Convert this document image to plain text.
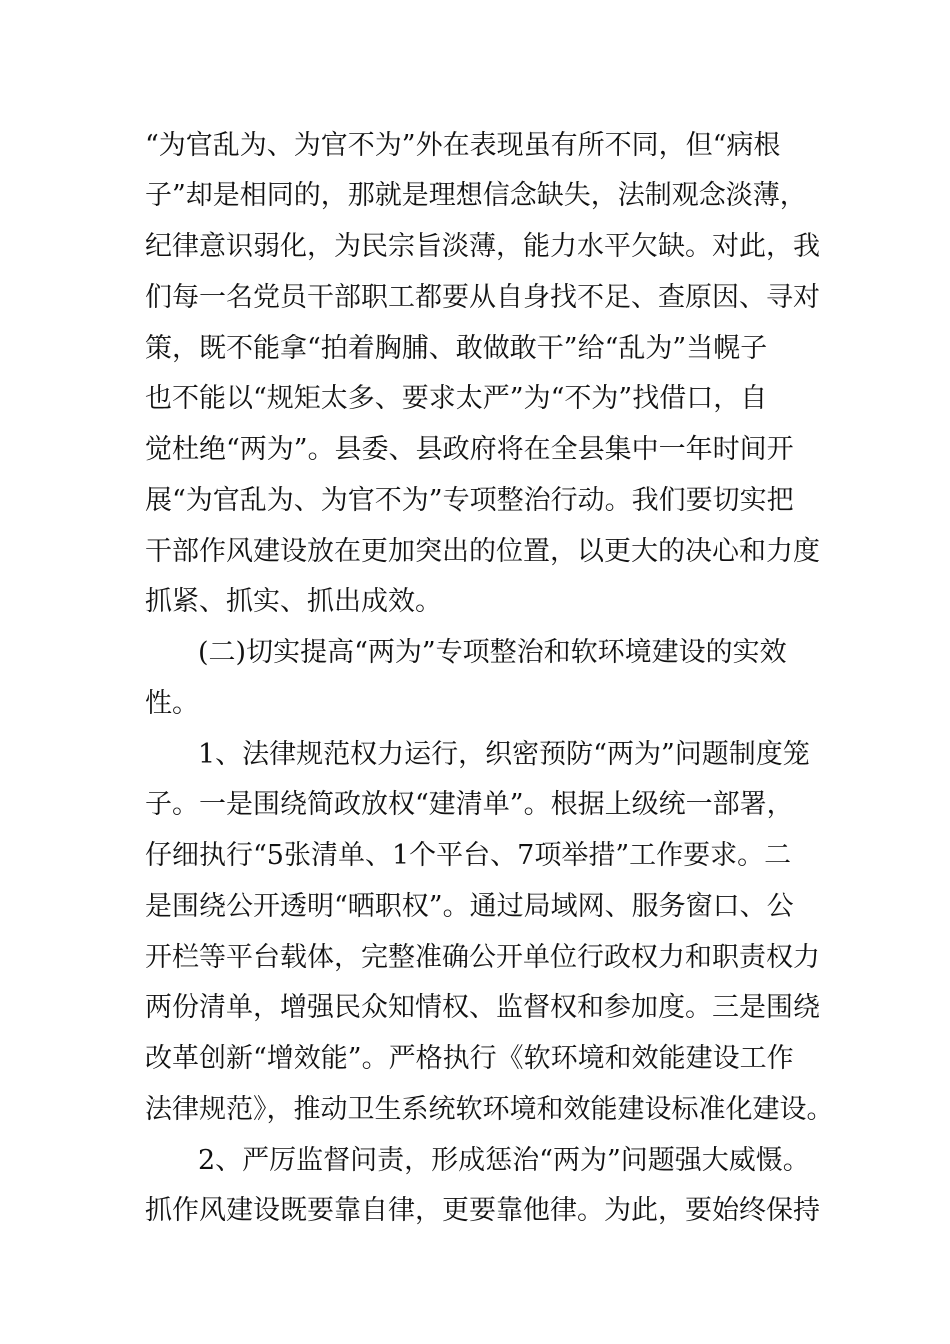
“为官乱为、为官不为”外在表现虽有所不同，但“病根
子”却是相同的，那就是理想信念缺失，法制观念淡薄，
纪律意识弱化，为民宗旨淡薄，能力水平欠缺。对此，我
们每一名党员干部职工都要从自身找不足、查原因、寻对
策，既不能拿“拍着胸脯、敢做敢干”给“乱为”当幌子
也不能以“规矩太多、要求太严”为“不为”找借口，自
觉杜绝“两为”。县委、县政府将在全县集中一年时间开
展“为官乱为、为官不为”专项整治行动。我们要切实把
干部作风建设放在更加突出的位置，以更大的决心和力度
抓紧、抓实、抓出成效。
(二)切实提高“两为”专项整治和软环境建设的实效
性。
1、法律规范权力运行，织密预防“两为”问题制度笼
子。一是围绕简政放权“建清单”。根据上级统一部署，
仔细执行“5张清单、1个平台、7项举措”工作要求。二
是围绕公开透明“晒职权”。通过局域网、服务窗口、公
开栏等平台载体，完整准确公开单位行政权力和职责权力
两份清单，增强民众知情权、监督权和参加度。三是围绕
改革创新“增效能”。严格执行《软环境和效能建设工作
法律规范》，推动卫生系统软环境和效能建设标准化建设。
2、严厉监督问责，形成惩治“两为”问题强大威慑。
抓作风建设既要靠自律，更要靠他律。为此，要始终保持
